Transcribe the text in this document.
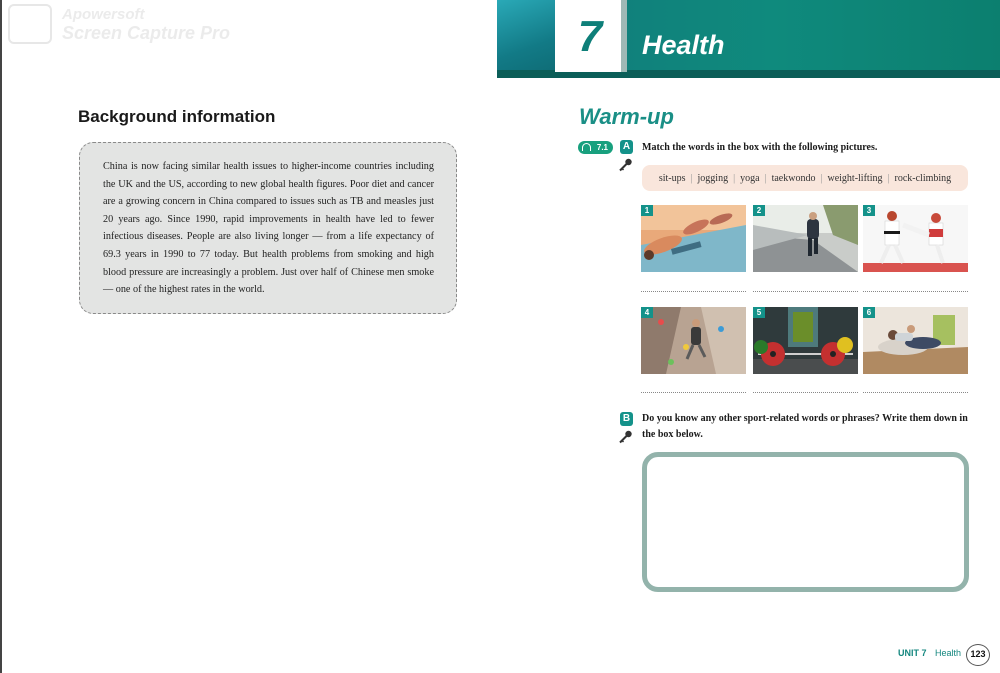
Apowersoft
Screen Capture Pro
Background information

China is now facing similar health issues to higher-income countries including the UK and the US, according to new global health figures. Poor diet and cancer are a growing concern in China compared to issues such as TB and measles just 20 years ago. Since 1990, rapid improvements in health have led to fewer infectious diseases. People are also living longer — from a life expectancy of 69.3 years in 1990 to 77 today. But health problems from smoking and high blood pressure are increasingly a problem. Just over half of Chinese men smoke — one of the highest rates in the world.

7	Health
Warm-up
7.1	A Match the words in the box with the following pictures.
sit-ups | jogging | yoga | taekwondo | weight-lifting | rock-climbing
1	2	3
4	5	6
B Do you know any other sport-related words or phrases? Write them down in the box below.
UNIT 7 Health	123
